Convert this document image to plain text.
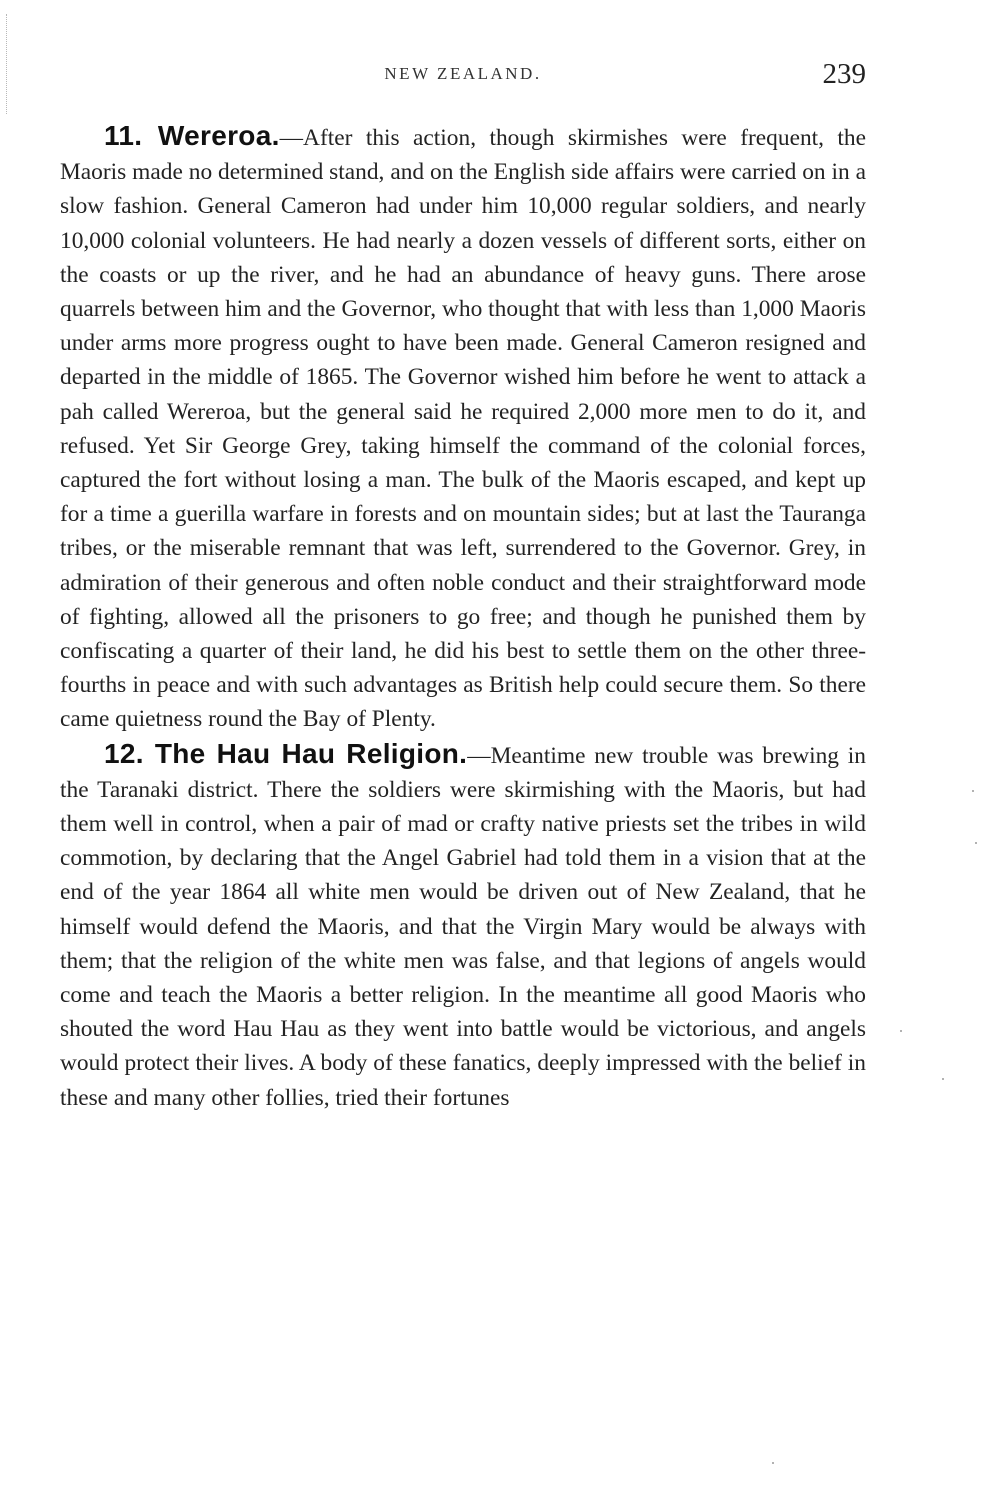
NEW ZEALAND.	239

11. Wereroa.—After this action, though skirmishes were frequent, the Maoris made no determined stand, and on the English side affairs were carried on in a slow fashion. General Cameron had under him 10,000 regular soldiers, and nearly 10,000 colonial volunteers. He had nearly a dozen vessels of different sorts, either on the coasts or up the river, and he had an abundance of heavy guns. There arose quarrels between him and the Governor, who thought that with less than 1,000 Maoris under arms more progress ought to have been made. General Cameron resigned and departed in the middle of 1865. The Governor wished him before he went to attack a pah called Wereroa, but the general said he required 2,000 more men to do it, and refused. Yet Sir George Grey, taking himself the command of the colonial forces, captured the fort without losing a man. The bulk of the Maoris escaped, and kept up for a time a guerilla warfare in forests and on mountain sides; but at last the Tauranga tribes, or the miserable remnant that was left, surrendered to the Governor. Grey, in admiration of their generous and often noble conduct and their straightforward mode of fighting, allowed all the prisoners to go free; and though he punished them by confiscating a quarter of their land, he did his best to settle them on the other three-fourths in peace and with such advantages as British help could secure them. So there came quietness round the Bay of Plenty.

12. The Hau Hau Religion.—Meantime new trouble was brewing in the Taranaki district. There the soldiers were skirmishing with the Maoris, but had them well in control, when a pair of mad or crafty native priests set the tribes in wild commotion, by declaring that the Angel Gabriel had told them in a vision that at the end of the year 1864 all white men would be driven out of New Zealand, that he himself would defend the Maoris, and that the Virgin Mary would be always with them; that the religion of the white men was false, and that legions of angels would come and teach the Maoris a better religion. In the meantime all good Maoris who shouted the word Hau Hau as they went into battle would be victorious, and angels would protect their lives. A body of these fanatics, deeply impressed with the belief in these and many other follies, tried their fortunes
